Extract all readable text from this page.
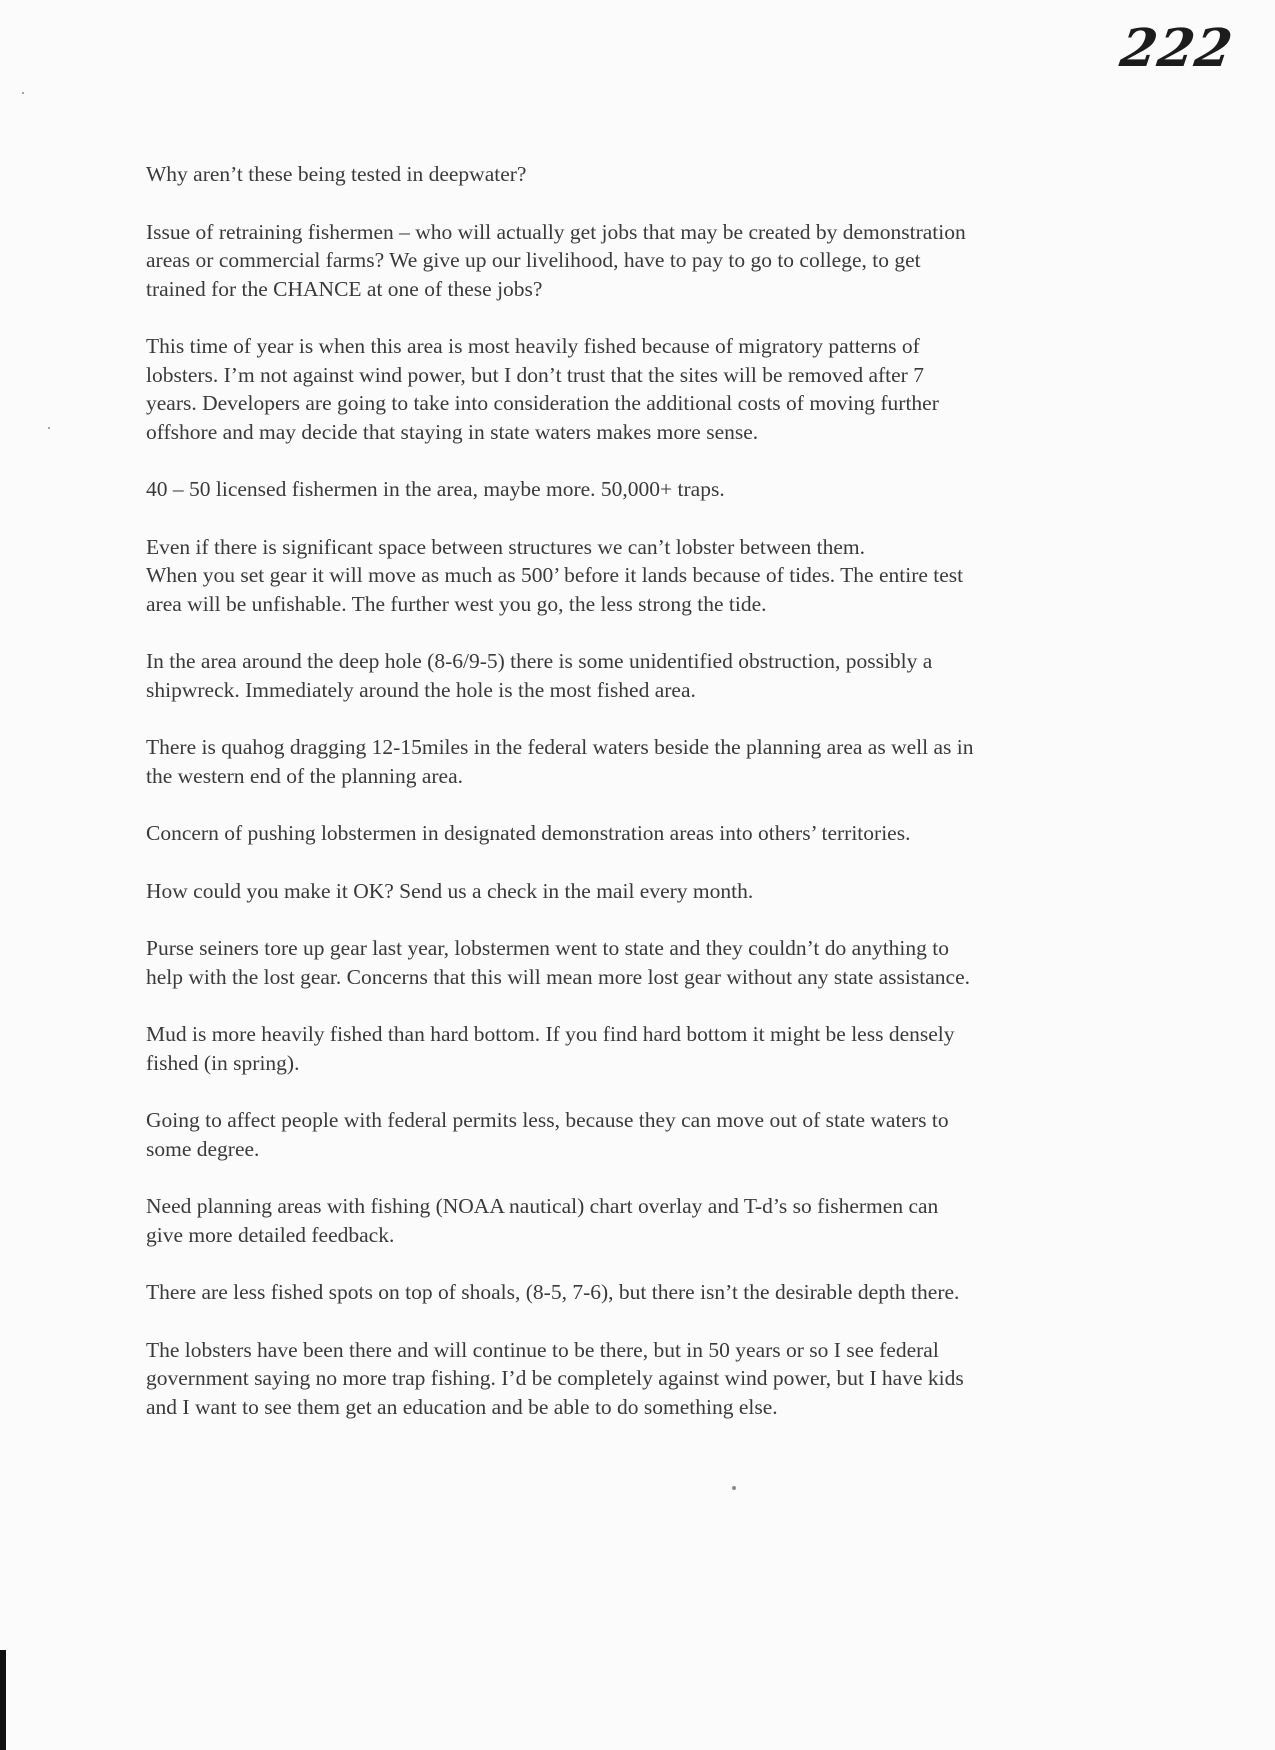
222

Why aren’t these being tested in deepwater?

Issue of retraining fishermen – who will actually get jobs that may be created by demonstration
areas or commercial farms? We give up our livelihood, have to pay to go to college, to get
trained for the CHANCE at one of these jobs?

This time of year is when this area is most heavily fished because of migratory patterns of
lobsters. I’m not against wind power, but I don’t trust that the sites will be removed after 7
years. Developers are going to take into consideration the additional costs of moving further
offshore and may decide that staying in state waters makes more sense.

40 – 50 licensed fishermen in the area, maybe more. 50,000+ traps.

Even if there is significant space between structures we can’t lobster between them.
When you set gear it will move as much as 500’ before it lands because of tides. The entire test
area will be unfishable. The further west you go, the less strong the tide.

In the area around the deep hole (8-6/9-5) there is some unidentified obstruction, possibly a
shipwreck. Immediately around the hole is the most fished area.

There is quahog dragging 12-15miles in the federal waters beside the planning area as well as in
the western end of the planning area.

Concern of pushing lobstermen in designated demonstration areas into others’ territories.

How could you make it OK? Send us a check in the mail every month.

Purse seiners tore up gear last year, lobstermen went to state and they couldn’t do anything to
help with the lost gear. Concerns that this will mean more lost gear without any state assistance.

Mud is more heavily fished than hard bottom. If you find hard bottom it might be less densely
fished (in spring).

Going to affect people with federal permits less, because they can move out of state waters to
some degree.

Need planning areas with fishing (NOAA nautical) chart overlay and T-d’s so fishermen can
give more detailed feedback.

There are less fished spots on top of shoals, (8-5, 7-6), but there isn’t the desirable depth there.

The lobsters have been there and will continue to be there, but in 50 years or so I see federal
government saying no more trap fishing. I’d be completely against wind power, but I have kids
and I want to see them get an education and be able to do something else.
